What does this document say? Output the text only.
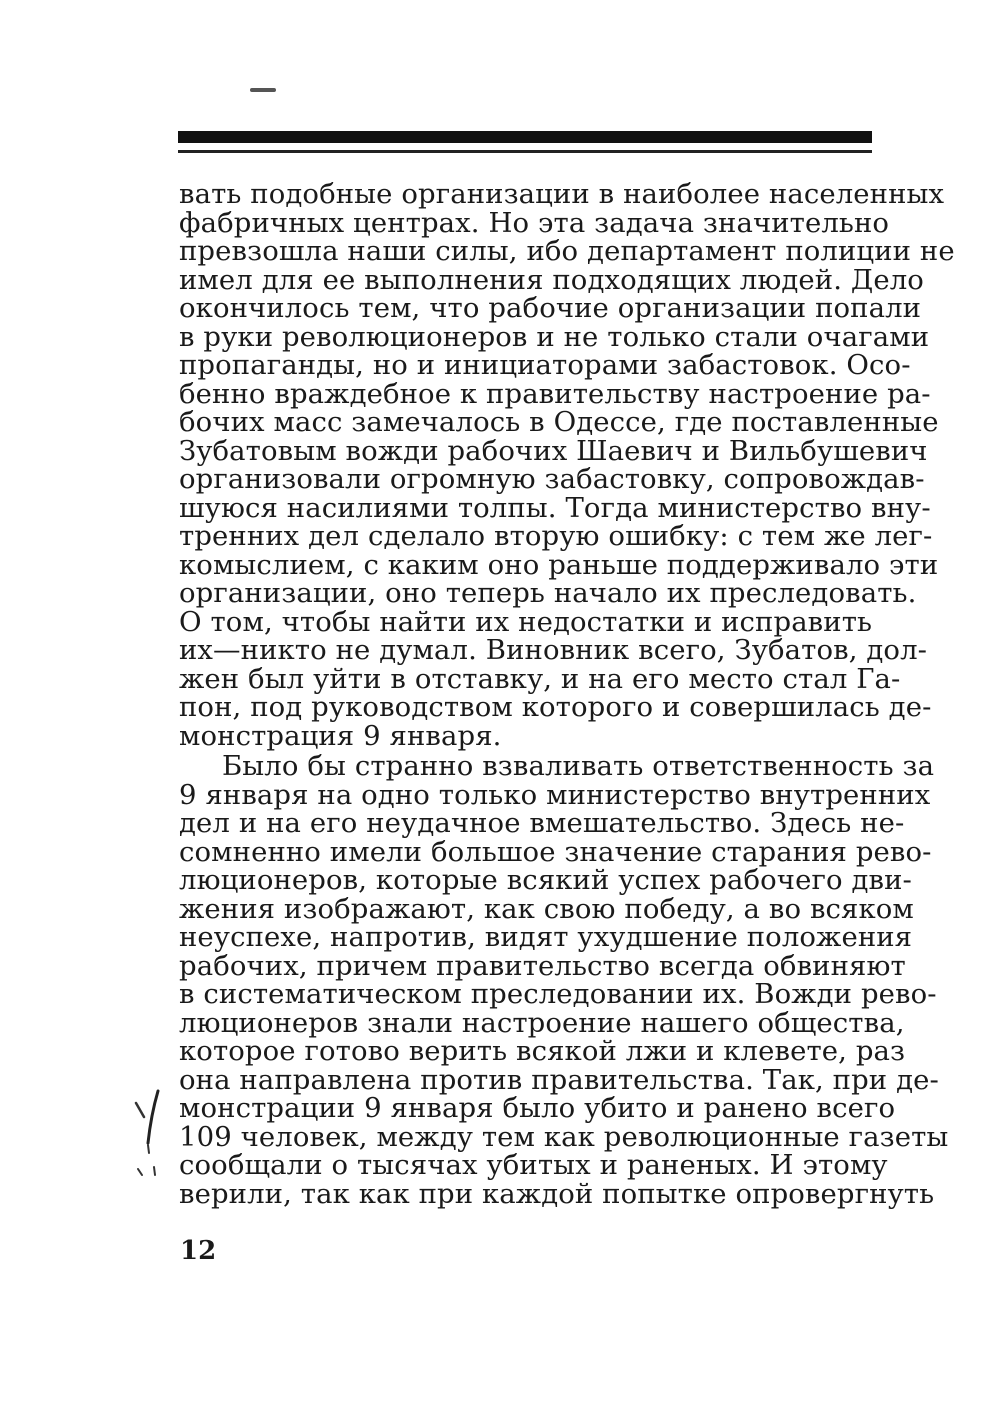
вать подобные организации в наиболее населенных
фабричных центрах. Но эта задача значительно
превзошла наши силы, ибо департамент полиции не
имел для ее выполнения подходящих людей. Дело
окончилось тем, что рабочие организации попали
в руки революционеров и не только стали очагами
пропаганды, но и инициаторами забастовок. Осо-
бенно враждебное к правительству настроение ра-
бочих масс замечалось в Одессе, где поставленные
Зубатовым вожди рабочих Шаевич и Вильбушевич
организовали огромную забастовку, сопровождав-
шуюся насилиями толпы. Тогда министерство вну-
тренних дел сделало вторую ошибку: с тем же лег-
комыслием, с каким оно раньше поддерживало эти
организации, оно теперь начало их преследовать.
О том, чтобы найти их недостатки и исправить
их—никто не думал. Виновник всего, Зубатов, дол-
жен был уйти в отставку, и на его место стал Га-
пон, под руководством которого и совершилась де-
монстрация 9 января.
Было бы странно взваливать ответственность за
9 января на одно только министерство внутренних
дел и на его неудачное вмешательство. Здесь не-
сомненно имели большое значение старания рево-
люционеров, которые всякий успех рабочего дви-
жения изображают, как свою победу, а во всяком
неуспехе, напротив, видят ухудшение положения
рабочих, причем правительство всегда обвиняют
в систематическом преследовании их. Вожди рево-
люционеров знали настроение нашего общества,
которое готово верить всякой лжи и клевете, раз
она направлена против правительства. Так, при де-
монстрации 9 января было убито и ранено всего
109 человек, между тем как революционные газеты
сообщали о тысячах убитых и раненых. И этому
верили, так как при каждой попытке опровергнуть
12
